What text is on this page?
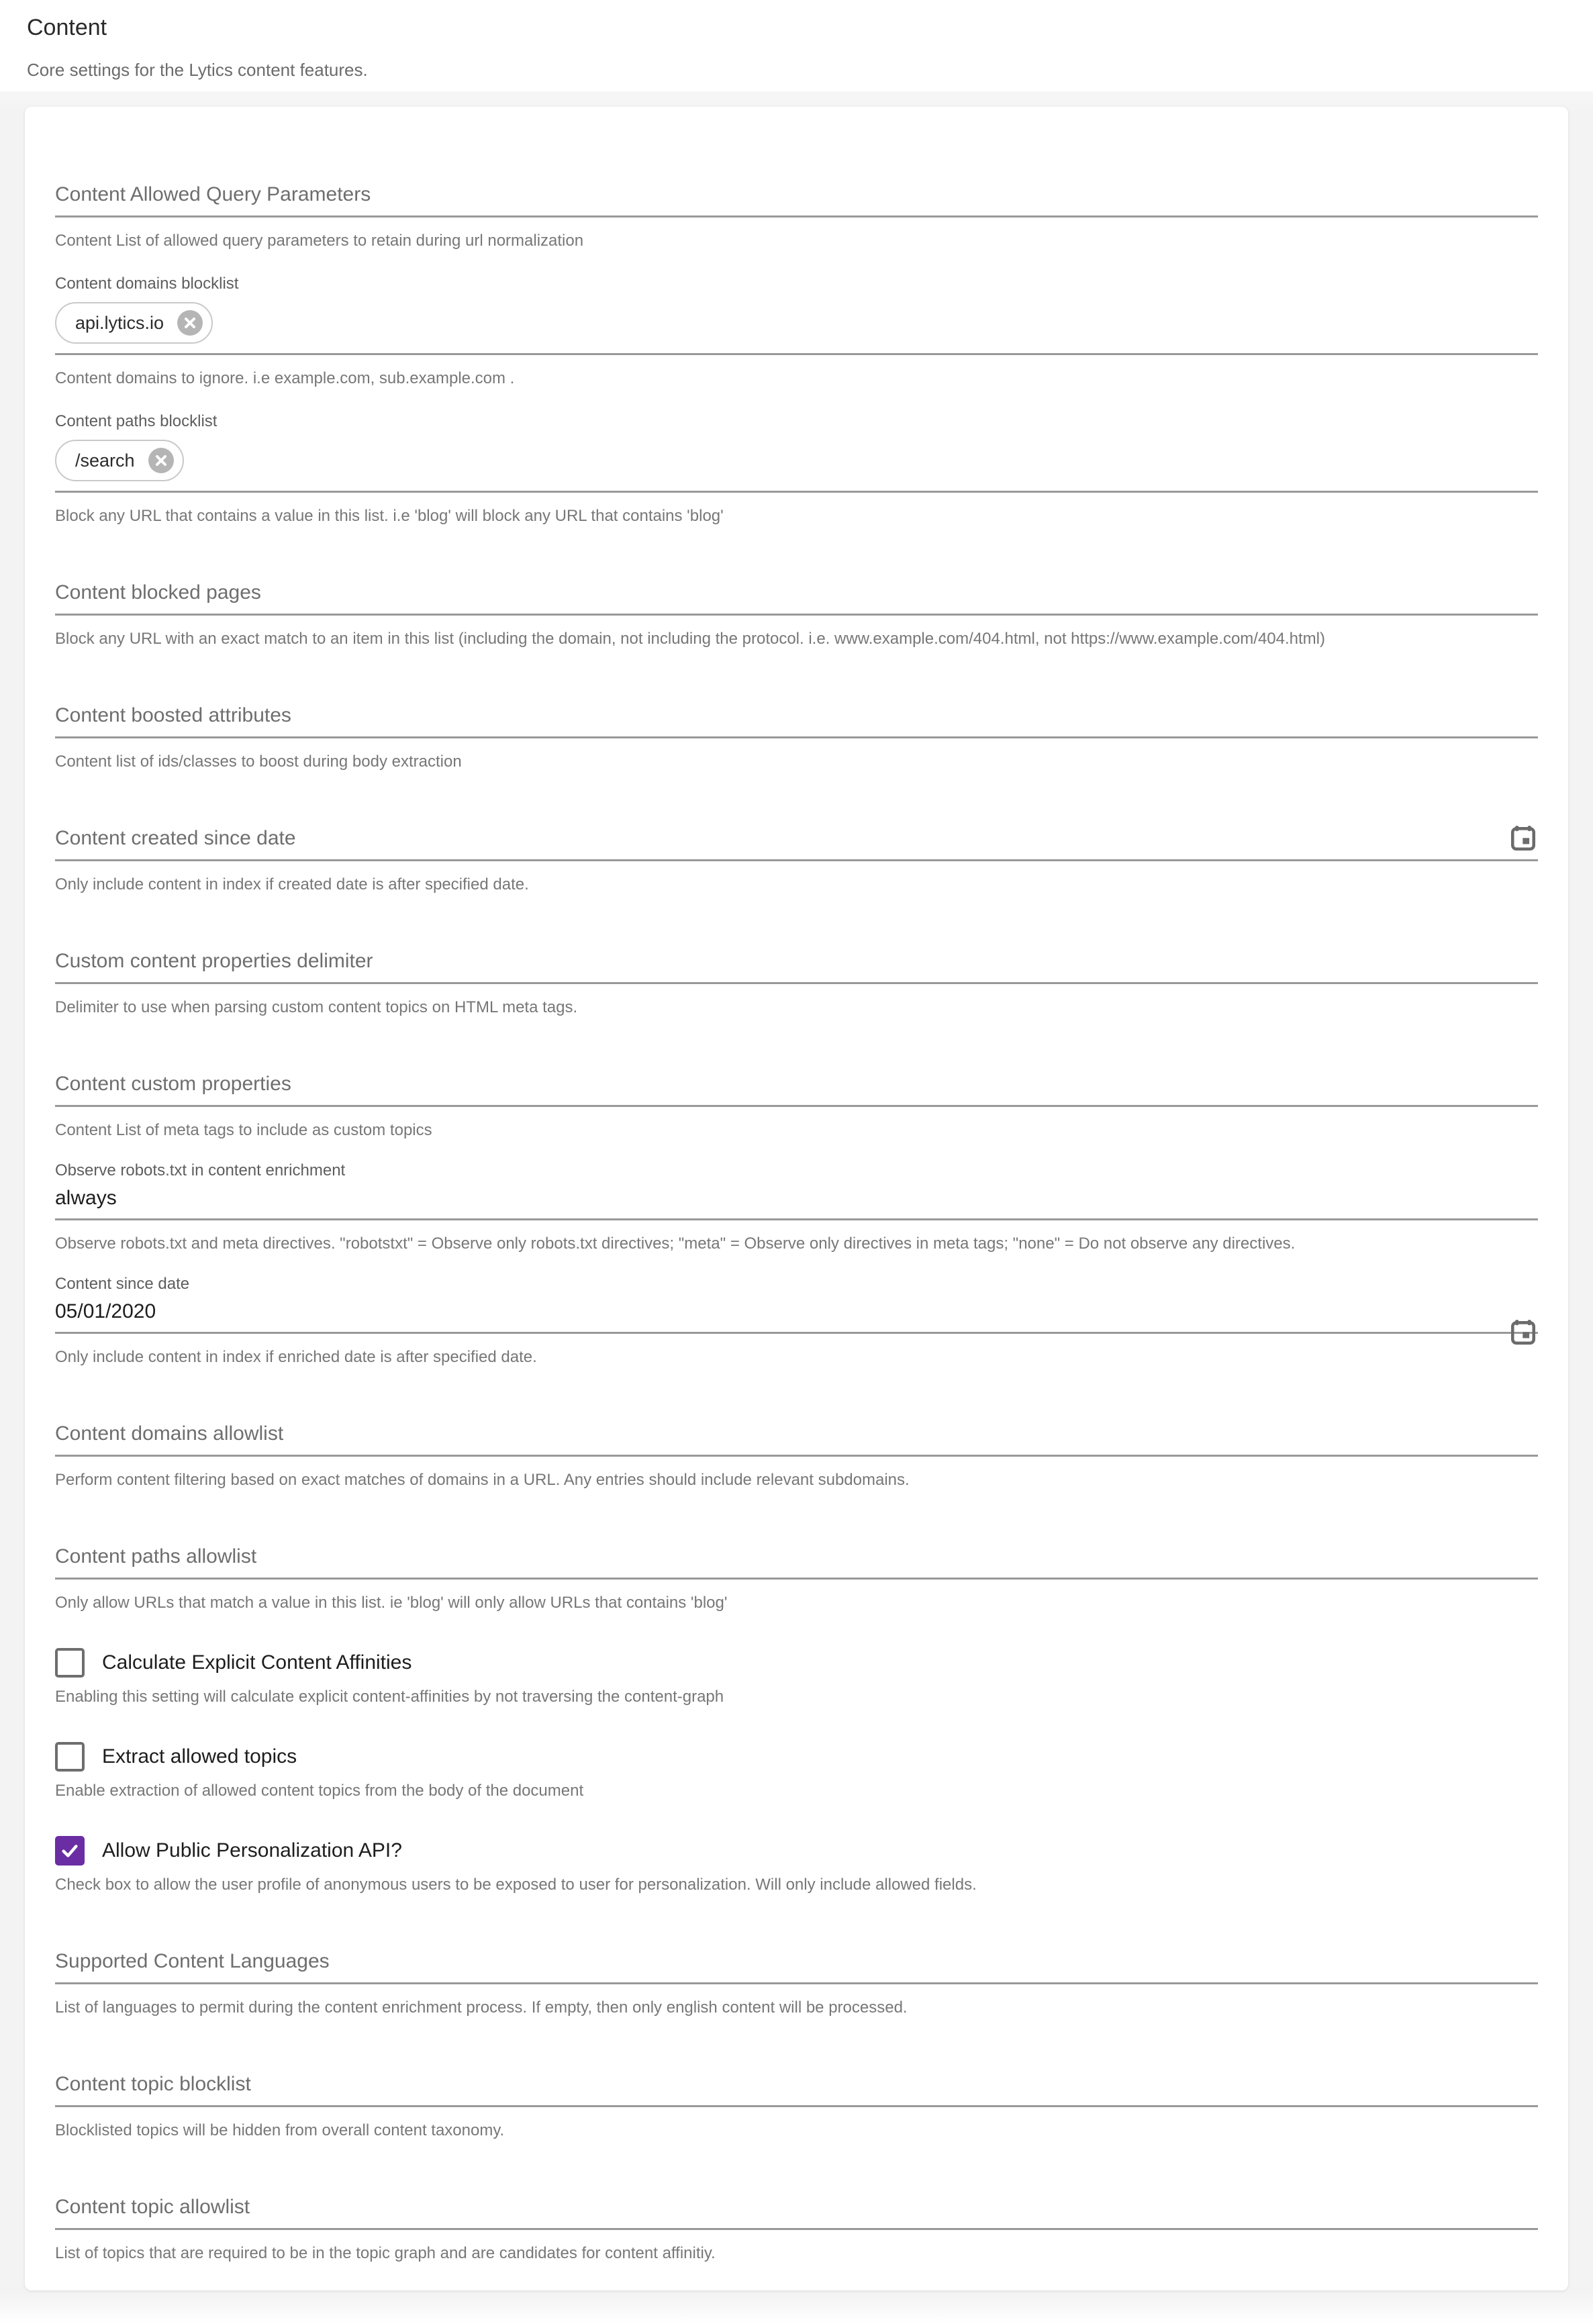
Content
Core settings for the Lytics content features.
Content Allowed Query Parameters
Content List of allowed query parameters to retain during url normalization
Content domains blocklist
api.lytics.io
Content domains to ignore. i.e example.com, sub.example.com .
Content paths blocklist
/search
Block any URL that contains a value in this list. i.e 'blog' will block any URL that contains 'blog'
Content blocked pages
Block any URL with an exact match to an item in this list (including the domain, not including the protocol. i.e. www.example.com/404.html, not https://www.example.com/404.html)
Content boosted attributes
Content list of ids/classes to boost during body extraction
Content created since date
Only include content in index if created date is after specified date.
Custom content properties delimiter
Delimiter to use when parsing custom content topics on HTML meta tags.
Content custom properties
Content List of meta tags to include as custom topics
Observe robots.txt in content enrichment
always
Observe robots.txt and meta directives. "robotstxt" = Observe only robots.txt directives; "meta" = Observe only directives in meta tags; "none" = Do not observe any directives.
Content since date
05/01/2020
Only include content in index if enriched date is after specified date.
Content domains allowlist
Perform content filtering based on exact matches of domains in a URL. Any entries should include relevant subdomains.
Content paths allowlist
Only allow URLs that match a value in this list. ie 'blog' will only allow URLs that contains 'blog'
Calculate Explicit Content Affinities
Enabling this setting will calculate explicit content-affinities by not traversing the content-graph
Extract allowed topics
Enable extraction of allowed content topics from the body of the document
Allow Public Personalization API?
Check box to allow the user profile of anonymous users to be exposed to user for personalization. Will only include allowed fields.
Supported Content Languages
List of languages to permit during the content enrichment process. If empty, then only english content will be processed.
Content topic blocklist
Blocklisted topics will be hidden from overall content taxonomy.
Content topic allowlist
List of topics that are required to be in the topic graph and are candidates for content affinitiy.
